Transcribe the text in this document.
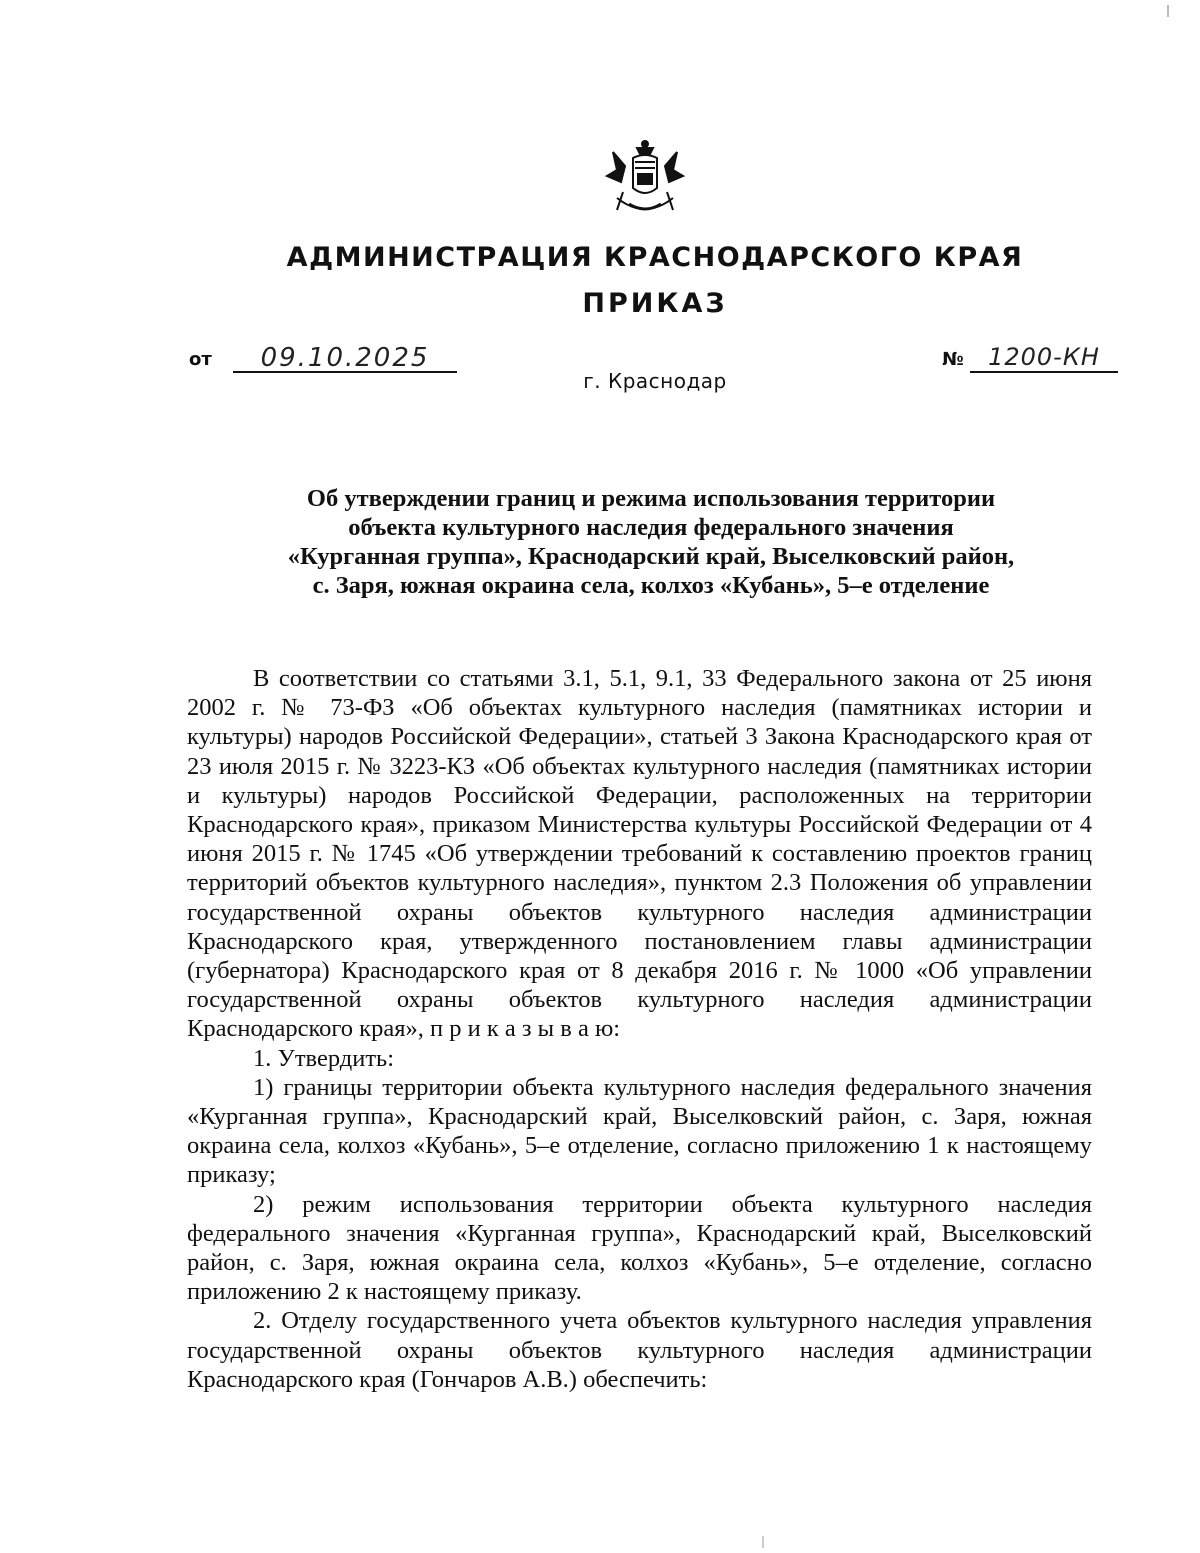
АДМИНИСТРАЦИЯ КРАСНОДАРСКОГО КРАЯ
ПРИКАЗ
от	09.10.2025	№	1200-КН
г. Краснодар
Об утверждении границ и режима использования территории
объекта культурного наследия федерального значения
«Курганная группа», Краснодарский край, Выселковский район,
с. Заря, южная окраина села, колхоз «Кубань», 5–е отделение

В соответствии со статьями 3.1, 5.1, 9.1, 33 Федерального закона от 25 июня 2002 г. № 73-ФЗ «Об объектах культурного наследия (памятниках истории и культуры) народов Российской Федерации», статьей 3 Закона Краснодарского края от 23 июля 2015 г. № 3223-КЗ «Об объектах культурного наследия (памятниках истории и культуры) народов Российской Федерации, расположенных на территории Краснодарского края», приказом Министерства культуры Российской Федерации от 4 июня 2015 г. № 1745 «Об утверждении требований к составлению проектов границ территорий объектов культурного наследия», пунктом 2.3 Положения об управлении государственной охраны объектов культурного наследия администрации Краснодарского края, утвержденного постановлением главы администрации (губернатора) Краснодарского края от 8 декабря 2016 г. № 1000 «Об управлении государственной охраны объектов культурного наследия администрации Краснодарского края», п р и к а з ы в а ю:

1. Утвердить:

1) границы территории объекта культурного наследия федерального значения «Курганная группа», Краснодарский край, Выселковский район, с. Заря, южная окраина села, колхоз «Кубань», 5–е отделение, согласно приложению 1 к настоящему приказу;

2) режим использования территории объекта культурного наследия федерального значения «Курганная группа», Краснодарский край, Выселковский район, с. Заря, южная окраина села, колхоз «Кубань», 5–е отделение, согласно приложению 2 к настоящему приказу.

2. Отделу государственного учета объектов культурного наследия управления государственной охраны объектов культурного наследия администрации Краснодарского края (Гончаров А.В.) обеспечить:
